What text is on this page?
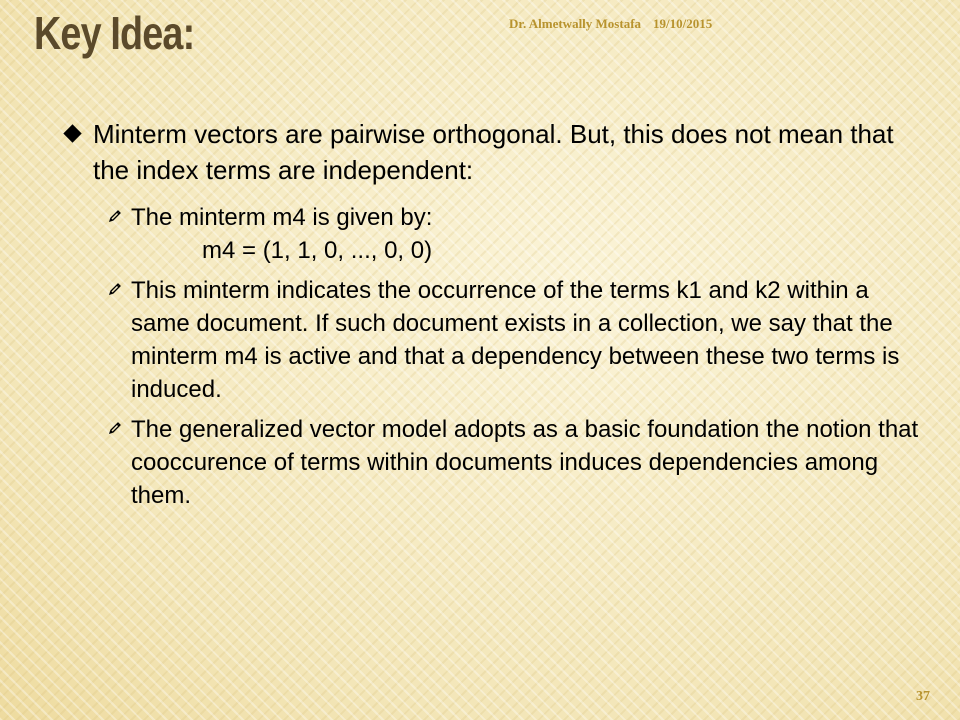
Key Idea:	Dr. Almetwally Mostafa 19/10/2015
Minterm vectors are pairwise orthogonal. But, this does not mean that the index terms are independent:
The minterm m4 is given by:
m4 = (1, 1, 0, ..., 0, 0)
This minterm indicates the occurrence of the terms k1 and k2 within a same document. If such document exists in a collection, we say that the minterm m4 is active and that a dependency between these two terms is induced.
The generalized vector model adopts as a basic foundation the notion that cooccurence of terms within documents induces dependencies among them.
37
